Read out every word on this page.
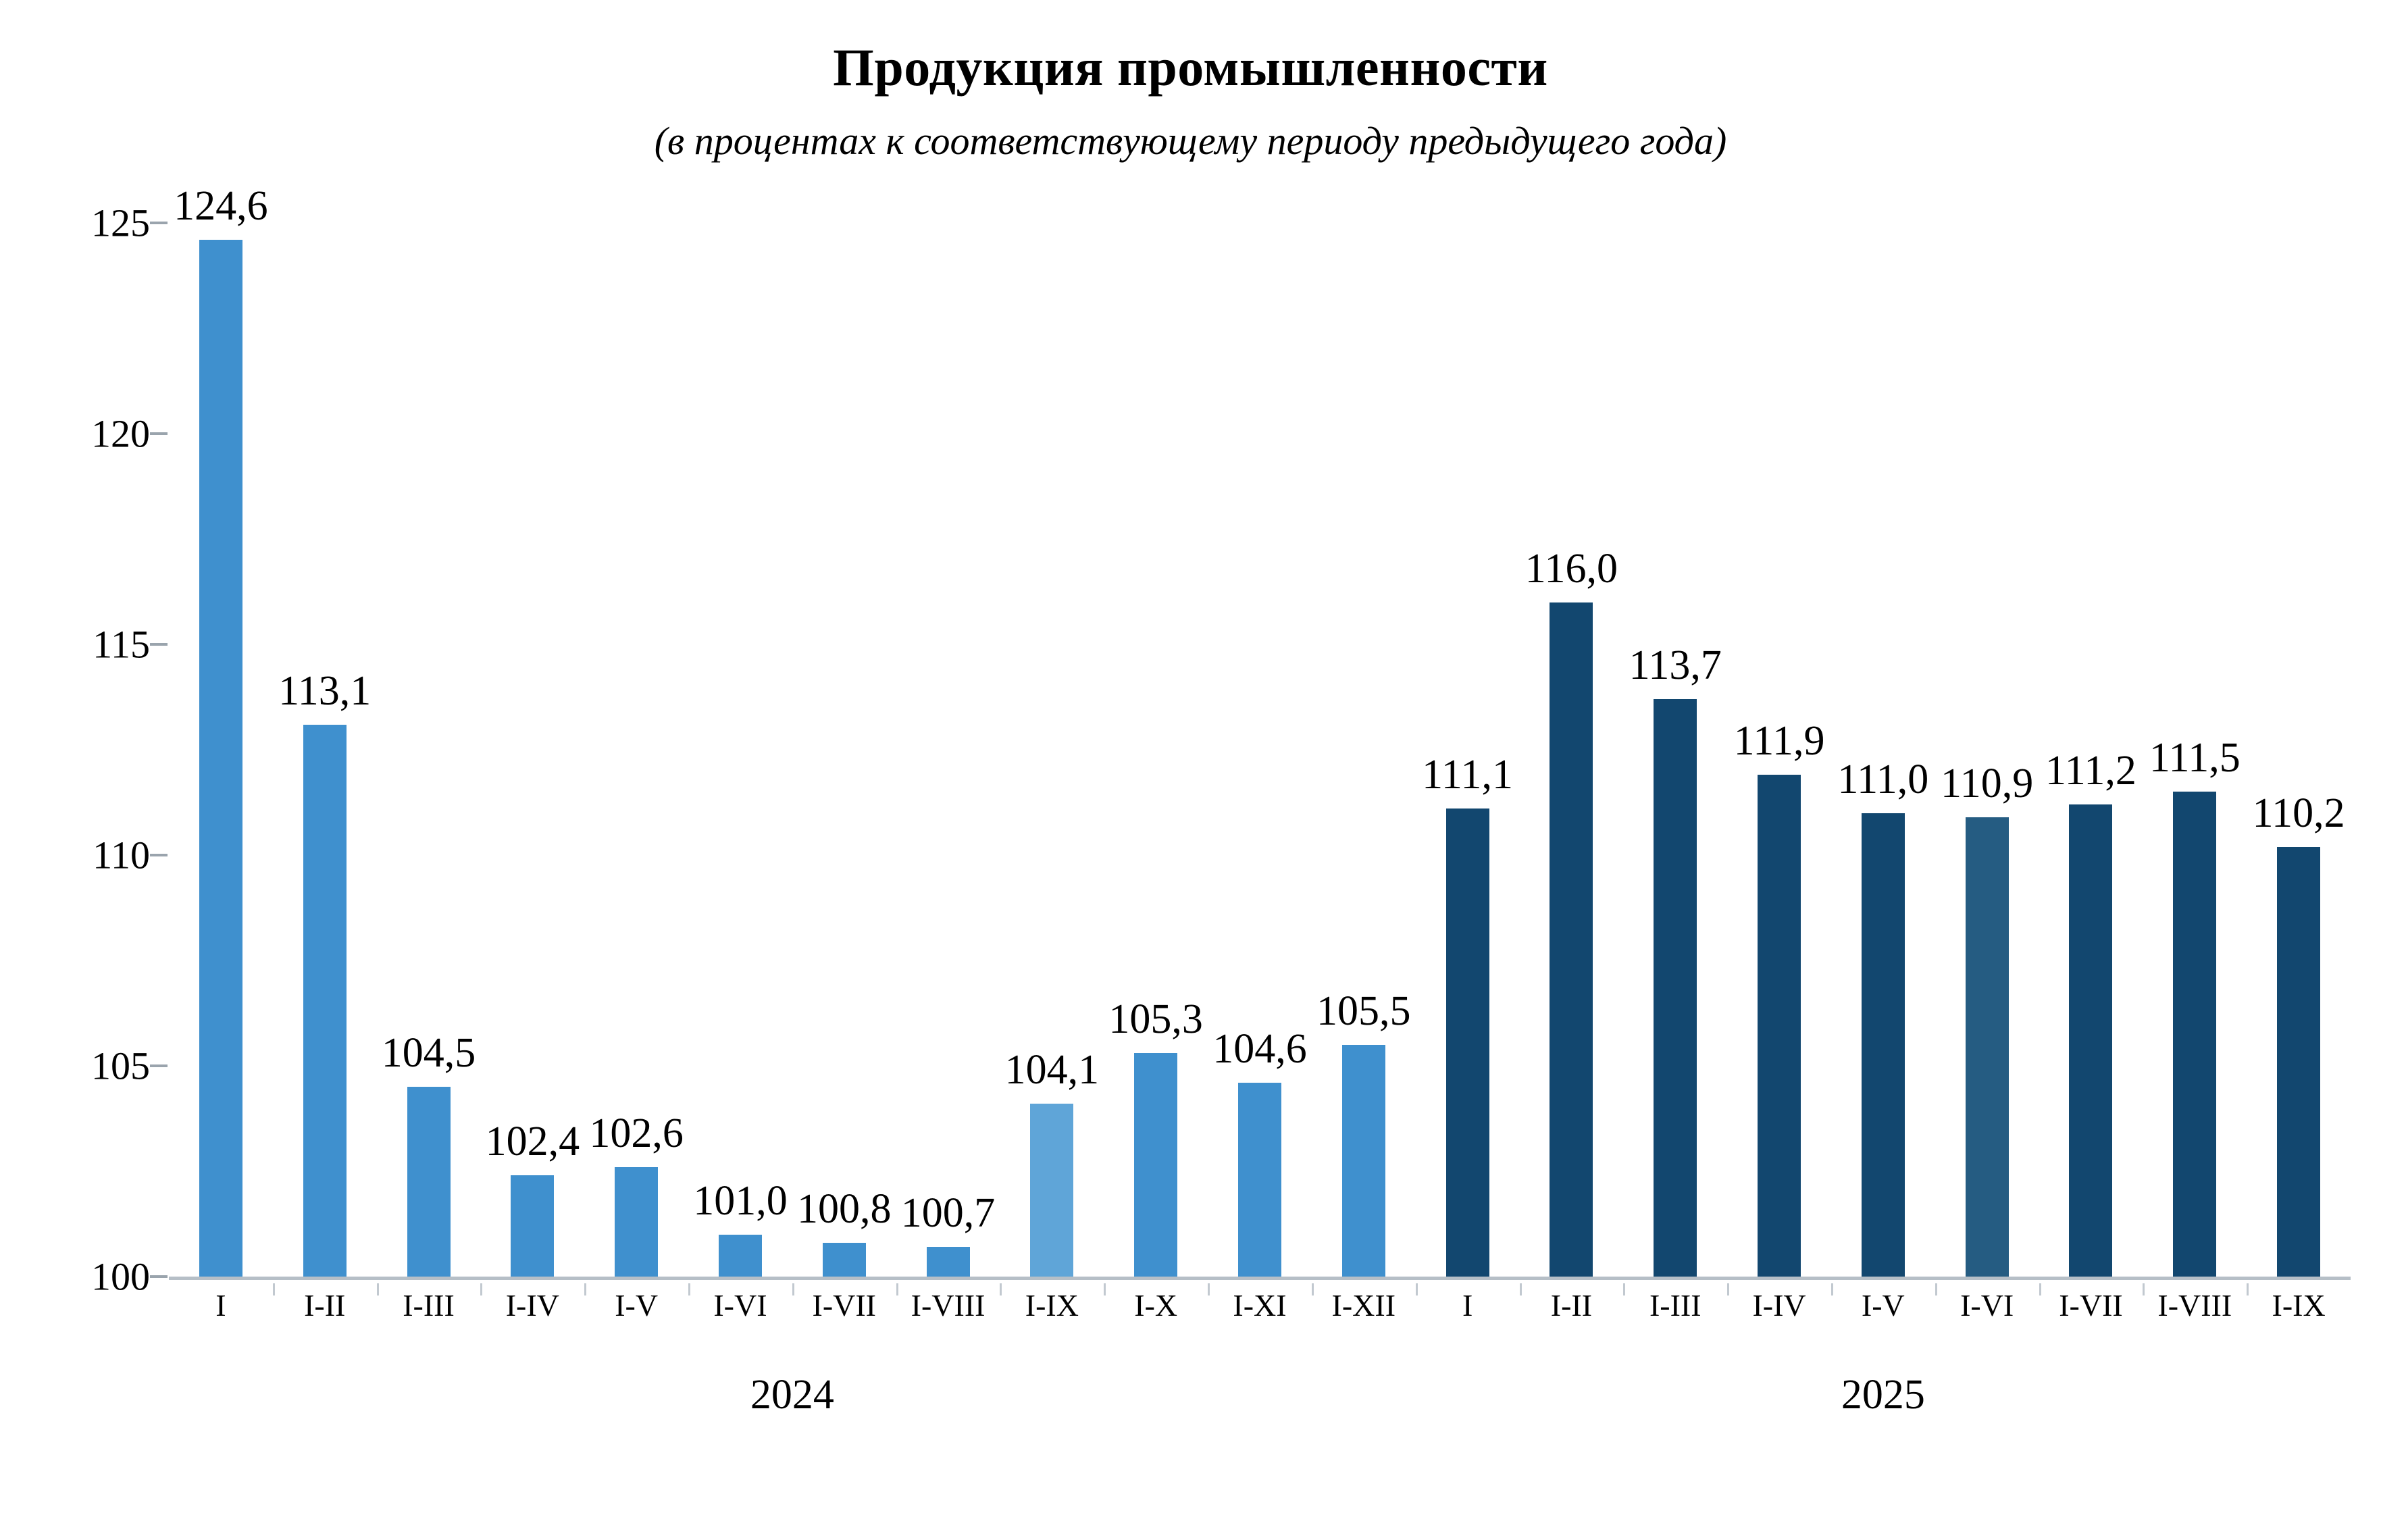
Продукция промышленности
(в процентах к соответствующему периоду предыдущего года)
100
105
110
115
120
125 124,6
113,1
104,5
102,4 102,6
101,0 100,8 100,7
104,1
105,3
104,6
105,5
111,1
116,0
113,7
111,9
111,0 110,9 111,2 111,5
110,2
I	I-II I-III I-IV I-V I-VI I-VII I-VIII I-IX I-X I-XI I-XII I	I-II I-III I-IV I-V I-VI I-VII I-VIII I-IX
2024	2025
